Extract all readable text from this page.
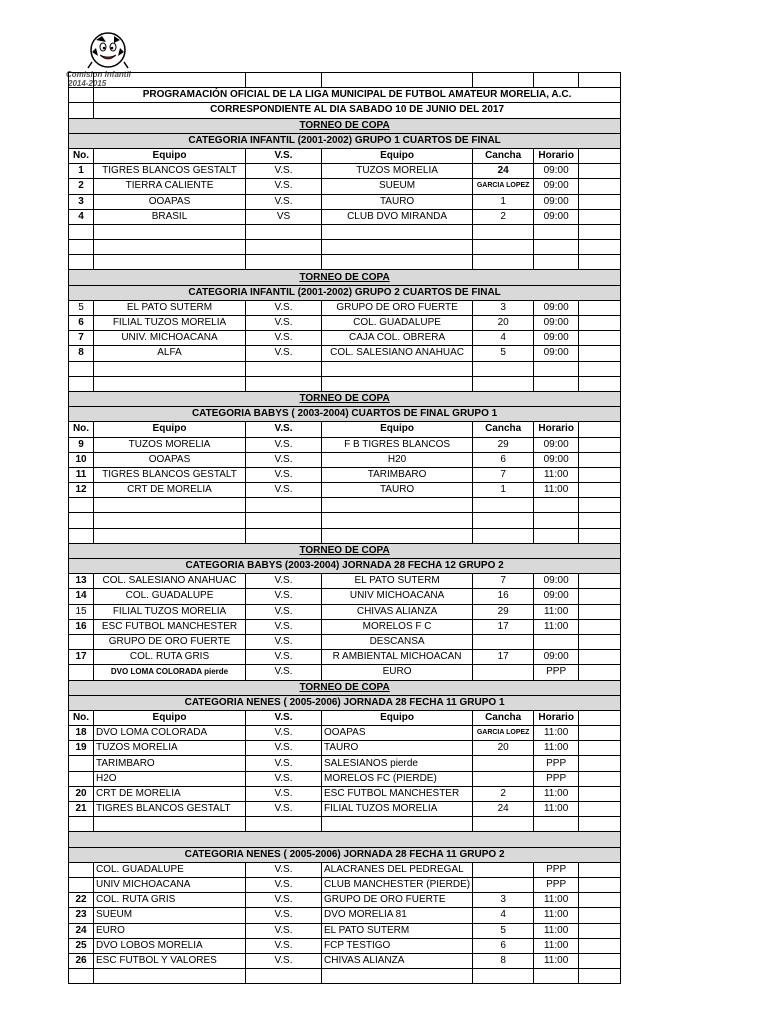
Comision Infantil
2014-2015

	PROGRAMACIÓN OFICIAL DE LA LIGA MUNICIPAL DE FUTBOL AMATEUR MORELIA, A.C.					
	CORRESPONDIENTE AL DIA SABADO 10 DE JUNIO DEL 2017					
TORNEO DE COPA						
CATEGORIA INFANTIL (2001-2002) GRUPO 1 CUARTOS DE FINAL						
No.	Equipo	V.S.	Equipo	Cancha	Horario	
1	TIGRES BLANCOS GESTALT	V.S.	TUZOS MORELIA	24	09:00	
2	TIERRA CALIENTE	V.S.	SUEUM	GARCIA LOPEZ	09:00	
3	OOAPAS	V.S.	TAURO	1	09:00	
4	BRASIL	VS	CLUB DVO MIRANDA	2	09:00	

TORNEO DE COPA						
CATEGORIA INFANTIL (2001-2002) GRUPO 2 CUARTOS DE FINAL						
5	EL PATO SUTERM	V.S.	GRUPO DE ORO FUERTE	3	09:00	
6	FILIAL TUZOS MORELIA	V.S.	COL. GUADALUPE	20	09:00	
7	UNIV. MICHOACANA	V.S.	CAJA COL. OBRERA	4	09:00	
8	ALFA	V.S.	COL. SALESIANO ANAHUAC	5	09:00	

TORNEO DE COPA						
CATEGORIA BABYS ( 2003-2004) CUARTOS DE FINAL GRUPO 1						
No.	Equipo	V.S.	Equipo	Cancha	Horario	
9	TUZOS MORELIA	V.S.	F B TIGRES BLANCOS	29	09:00	
10	OOAPAS	V.S.	H20	6	09:00	
11	TIGRES BLANCOS GESTALT	V.S.	TARIMBARO	7	11:00	
12	CRT DE MORELIA	V.S.	TAURO	1	11:00	

TORNEO DE COPA						
CATEGORIA BABYS (2003-2004) JORNADA 28 FECHA 12 GRUPO 2						
13	COL. SALESIANO ANAHUAC	V.S.	EL PATO SUTERM	7	09:00	
14	COL. GUADALUPE	V.S.	UNIV MICHOACANA	16	09:00	
15	FILIAL TUZOS MORELIA	V.S.	CHIVAS ALIANZA	29	11:00	
16	ESC FUTBOL MANCHESTER	V.S.	MORELOS F C	17	11:00	
	GRUPO DE ORO FUERTE	V.S.	DESCANSA			
17	COL. RUTA GRIS	V.S.	R AMBIENTAL MICHOACAN	17	09:00	
	DVO LOMA COLORADA pierde	V.S.	EURO		PPP	
TORNEO DE COPA						
CATEGORIA NENES ( 2005-2006) JORNADA 28 FECHA 11 GRUPO 1						
No.	Equipo	V.S.	Equipo	Cancha	Horario	
18	DVO LOMA COLORADA	V.S.	OOAPAS	GARCIA LOPEZ	11:00	
19	TUZOS MORELIA	V.S.	TAURO	20	11:00	
	TARIMBARO	V.S.	SALESIANOS pierde		PPP	
	H2O	V.S.	MORELOS FC (PIERDE)		PPP	
20	CRT DE MORELIA	V.S.	ESC FUTBOL MANCHESTER	2	11:00	
21	TIGRES BLANCOS GESTALT	V.S.	FILIAL TUZOS MORELIA	24	11:00	

CATEGORIA NENES ( 2005-2006) JORNADA 28 FECHA 11 GRUPO 2						
	COL. GUADALUPE	V.S.	ALACRANES DEL PEDREGAL		PPP	
	UNIV MICHOACANA	V.S.	CLUB MANCHESTER (PIERDE)		PPP	
22	COL. RUTA GRIS	V.S.	GRUPO DE ORO FUERTE	3	11:00	
23	SUEUM	V.S.	DVO MORELIA 81	4	11:00	
24	EURO	V.S.	EL PATO SUTERM	5	11:00	
25	DVO LOBOS MORELIA	V.S.	FCP TESTIGO	6	11:00	
26	ESC FUTBOL Y VALORES	V.S.	CHIVAS ALIANZA	8	11:00	
